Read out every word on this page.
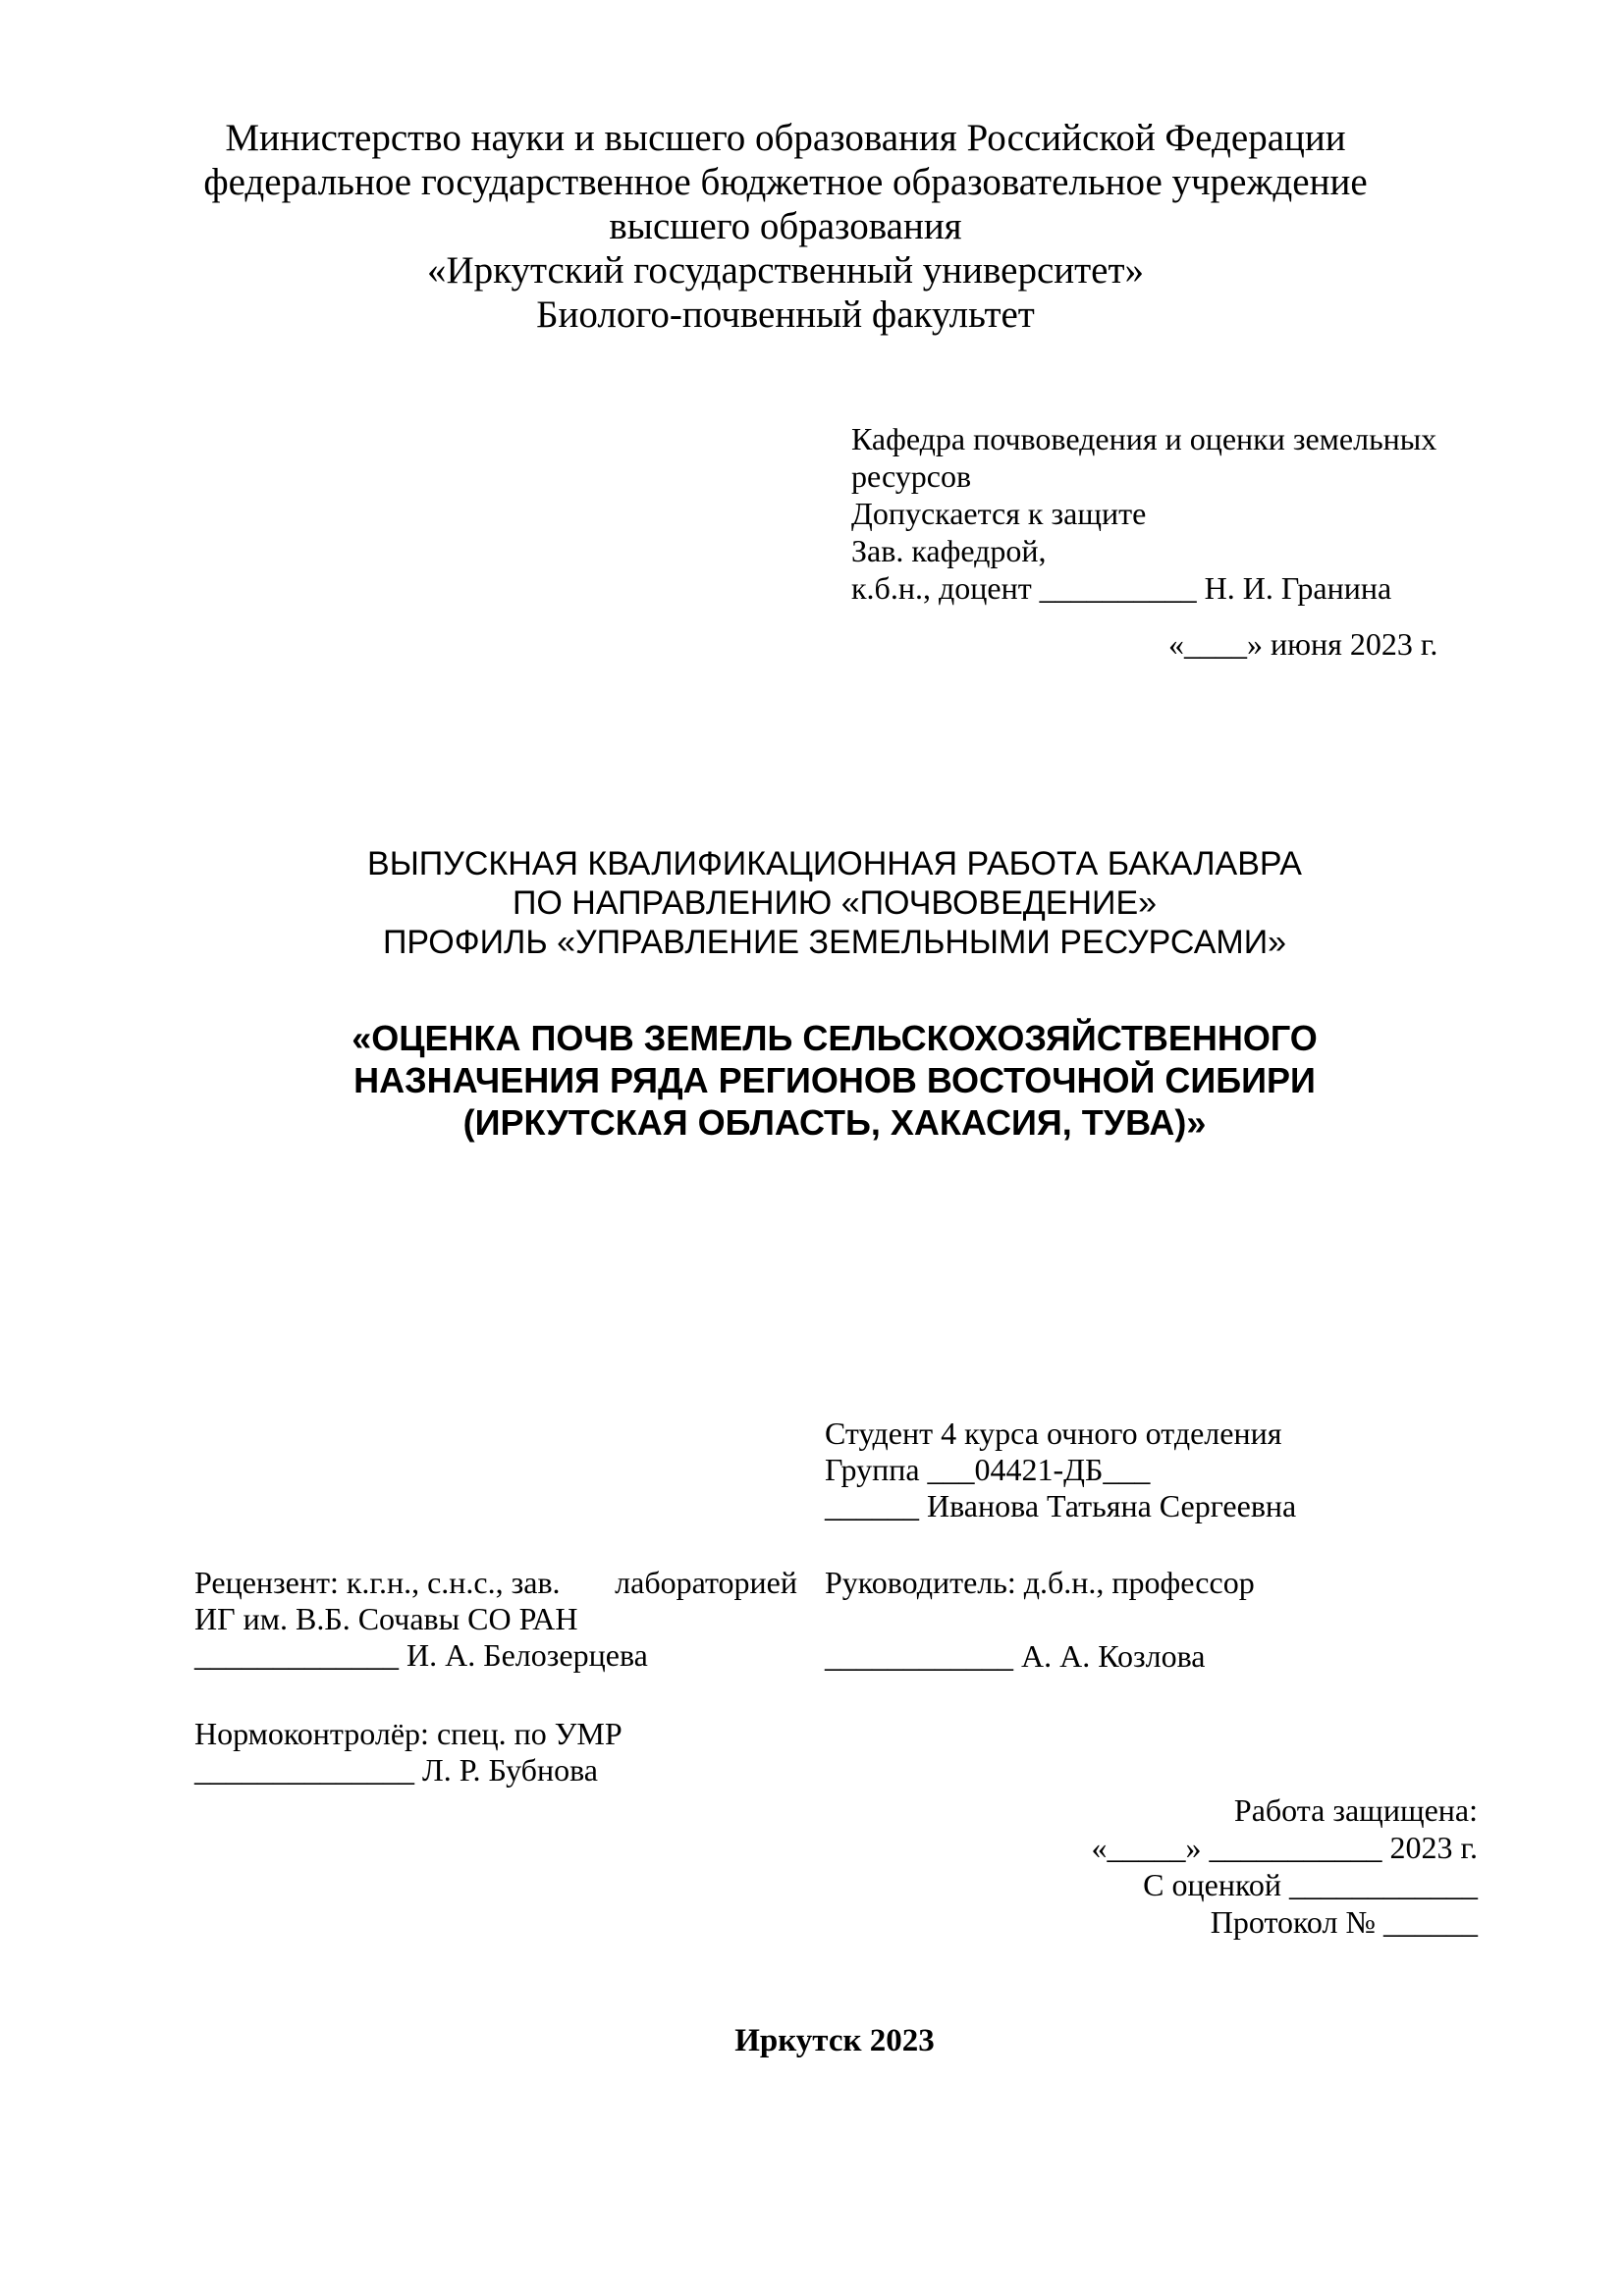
Министерство науки и высшего образования Российской Федерации
федеральное государственное бюджетное образовательное учреждение
высшего образования
«Иркутский государственный университет»
Биолого-почвенный факультет
Кафедра почвоведения и оценки земельных
ресурсов
Допускается к защите
Зав. кафедрой,
к.б.н., доцент __________ Н. И. Гранина
«____» июня 2023 г.
ВЫПУСКНАЯ КВАЛИФИКАЦИОННАЯ РАБОТА БАКАЛАВРА
ПО НАПРАВЛЕНИЮ «ПОЧВОВЕДЕНИЕ»
ПРОФИЛЬ «УПРАВЛЕНИЕ ЗЕМЕЛЬНЫМИ РЕСУРСАМИ»
«ОЦЕНКА ПОЧВ ЗЕМЕЛЬ СЕЛЬСКОХОЗЯЙСТВЕННОГО
НАЗНАЧЕНИЯ РЯДА РЕГИОНОВ ВОСТОЧНОЙ СИБИРИ
(ИРКУТСКАЯ ОБЛАСТЬ, ХАКАСИЯ, ТУВА)»
Студент 4 курса очного отделения
Группа ___04421-ДБ___
______ Иванова Татьяна Сергеевна
Рецензент: к.г.н., с.н.с., зав. лабораторией
ИГ им. В.Б. Сочавы СО РАН
_____________ И. А. Белозерцева
Руководитель: д.б.н., профессор
____________ А. А. Козлова
Нормоконтролёр: спец. по УМР
______________ Л. Р. Бубнова
Работа защищена:
«_____» ___________ 2023 г.
С оценкой ____________
Протокол № ______
Иркутск 2023
